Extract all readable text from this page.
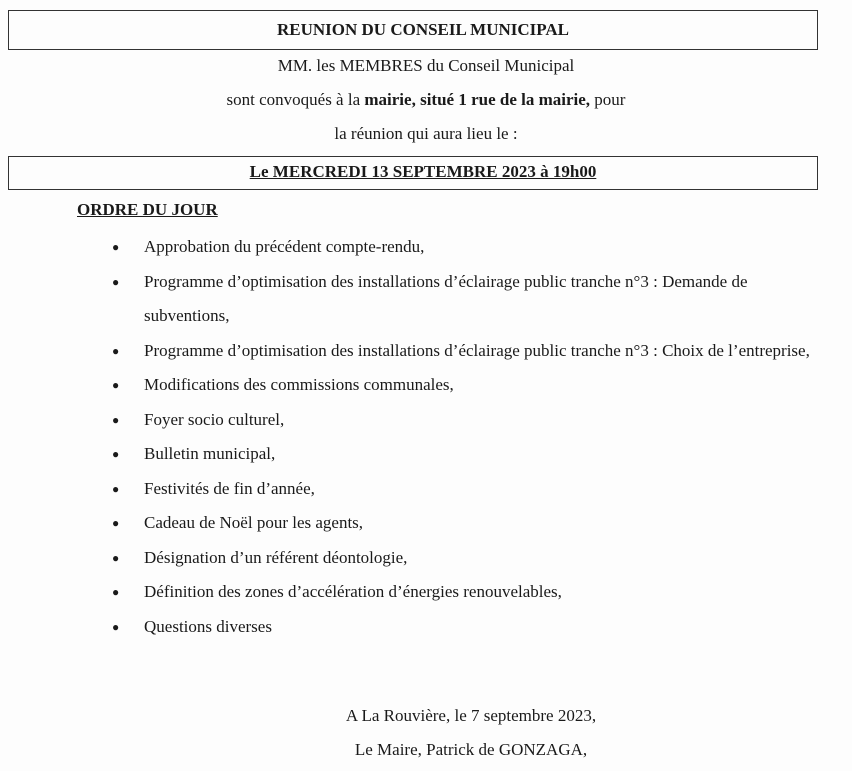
REUNION DU CONSEIL MUNICIPAL
MM. les MEMBRES du Conseil Municipal
sont convoqués à la mairie, situé 1 rue de la mairie, pour
la réunion qui aura lieu le :
Le MERCREDI 13 SEPTEMBRE 2023 à 19h00
ORDRE DU JOUR
● Approbation du précédent compte-rendu,
● Programme d’optimisation des installations d’éclairage public tranche n°3 : Demande de subventions,
● Programme d’optimisation des installations d’éclairage public tranche n°3 : Choix de l’entreprise,
● Modifications des commissions communales,
● Foyer socio culturel,
● Bulletin municipal,
● Festivités de fin d’année,
● Cadeau de Noël pour les agents,
● Désignation d’un référent déontologie,
● Définition des zones d’accélération d’énergies renouvelables,
● Questions diverses
A La Rouvière, le 7 septembre 2023,
Le Maire, Patrick de GONZAGA,
